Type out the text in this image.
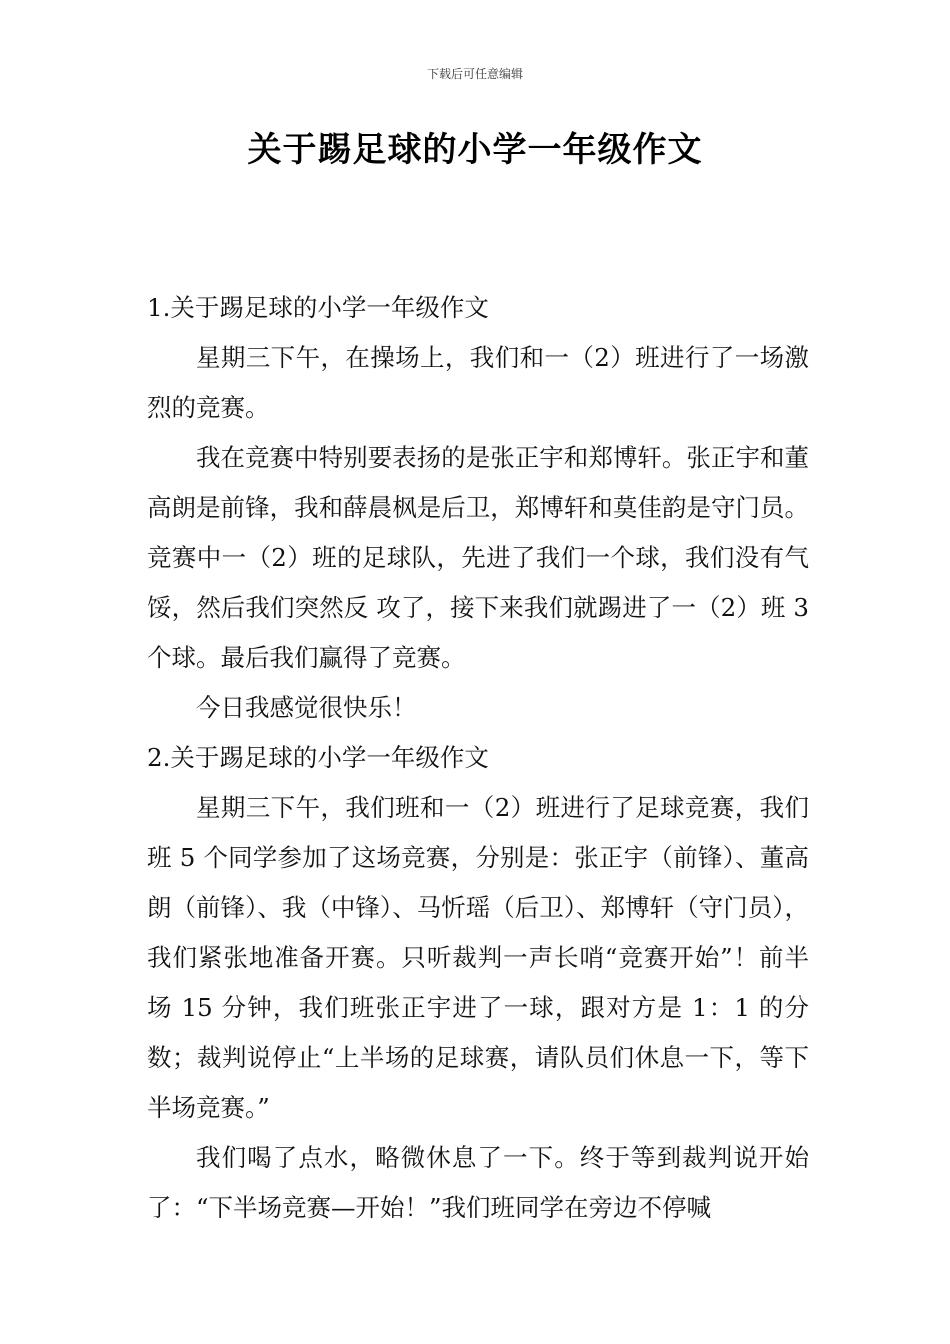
下载后可任意编辑
关于踢足球的小学一年级作文

1.关于踢足球的小学一年级作文

星期三下午，在操场上，我们和一（2）班进行了一场激烈的竞赛。

我在竞赛中特别要表扬的是张正宇和郑博轩。张正宇和董高朗是前锋，我和薛晨枫是后卫，郑博轩和莫佳韵是守门员。竞赛中一（2）班的足球队，先进了我们一个球，我们没有气馁，然后我们突然反 攻了，接下来我们就踢进了一（2）班 3 个球。最后我们赢得了竞赛。

今日我感觉很快乐！

2.关于踢足球的小学一年级作文

星期三下午，我们班和一（2）班进行了足球竞赛，我们班 5 个同学参加了这场竞赛，分别是：张正宇（前锋）、董高朗（前锋）、我（中锋）、马忻瑶（后卫）、郑博轩（守门员），我们紧张地准备开赛。只听裁判一声长哨“竞赛开始”！前半场 15 分钟，我们班张正宇进了一球，跟对方是 1：1 的分数；裁判说停止“上半场的足球赛，请队员们休息一下，等下半场竞赛。”

我们喝了点水，略微休息了一下。终于等到裁判说开始了：“下半场竞赛—开始！”我们班同学在旁边不停喊
